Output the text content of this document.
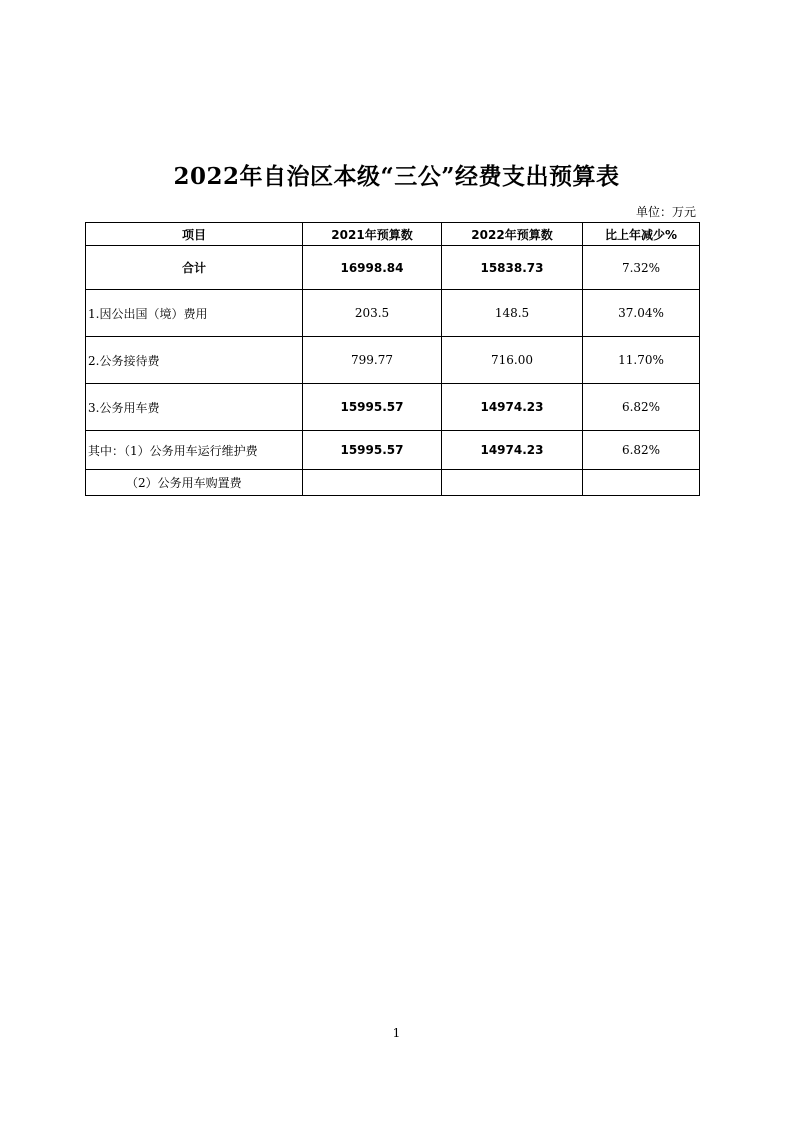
2022年自治区本级“三公”经费支出预算表
单位：万元
项目	2021年预算数	2022年预算数	比上年减少%
合计	16998.84	15838.73	7.32%
1.因公出国（境）费用	203.5	148.5	37.04%
2.公务接待费	799.77	716.00	11.70%
3.公务用车费	15995.57	14974.23	6.82%
其中：（1）公务用车运行维护费	15995.57	14974.23	6.82%
（2）公务用车购置费			
1
